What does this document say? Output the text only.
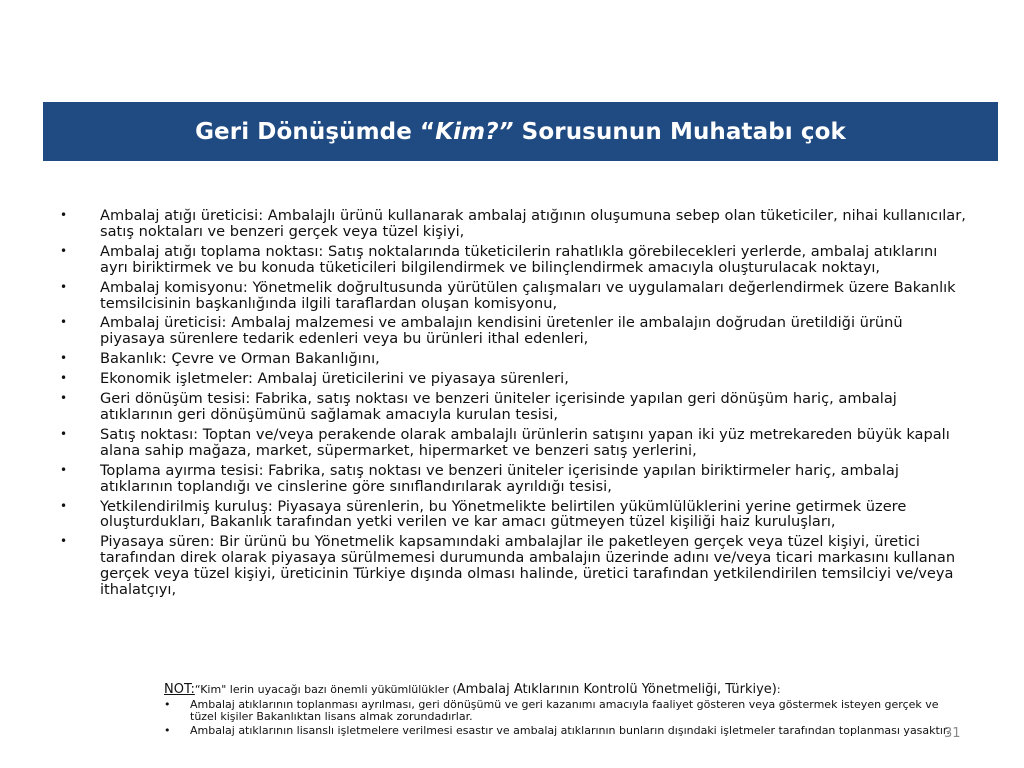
Geri Dönüşümde “Kim?” Sorusunun Muhatabı çok
• Ambalaj atığı üreticisi: Ambalajlı ürünü kullanarak ambalaj atığının oluşumuna sebep olan tüketiciler, nihai kullanıcılar, satış noktaları ve benzeri gerçek veya tüzel kişiyi,
• Ambalaj atığı toplama noktası: Satış noktalarında tüketicilerin rahatlıkla görebilecekleri yerlerde, ambalaj atıklarını ayrı biriktirmek ve bu konuda tüketicileri bilgilendirmek ve bilinçlendirmek amacıyla oluşturulacak noktayı,
• Ambalaj komisyonu: Yönetmelik doğrultusunda yürütülen çalışmaları ve uygulamaları değerlendirmek üzere Bakanlık temsilcisinin başkanlığında ilgili taraflardan oluşan komisyonu,
• Ambalaj üreticisi: Ambalaj malzemesi ve ambalajın kendisini üretenler ile ambalajın doğrudan üretildiği ürünü piyasaya sürenlere tedarik edenleri veya bu ürünleri ithal edenleri,
• Bakanlık: Çevre ve Orman Bakanlığını,
• Ekonomik işletmeler: Ambalaj üreticilerini ve piyasaya sürenleri,
• Geri dönüşüm tesisi: Fabrika, satış noktası ve benzeri üniteler içerisinde yapılan geri dönüşüm hariç, ambalaj atıklarının geri dönüşümünü sağlamak amacıyla kurulan tesisi,
• Satış noktası: Toptan ve/veya perakende olarak ambalajlı ürünlerin satışını yapan iki yüz metrekareden büyük kapalı alana sahip mağaza, market, süpermarket, hipermarket ve benzeri satış yerlerini,
• Toplama ayırma tesisi: Fabrika, satış noktası ve benzeri üniteler içerisinde yapılan biriktirmeler hariç, ambalaj atıklarının toplandığı ve cinslerine göre sınıflandırılarak ayrıldığı tesisi,
• Yetkilendirilmiş kuruluş: Piyasaya sürenlerin, bu Yönetmelikte belirtilen yükümlülüklerini yerine getirmek üzere oluşturdukları, Bakanlık tarafından yetki verilen ve kar amacı gütmeyen tüzel kişiliği haiz kuruluşları,
• Piyasaya süren: Bir ürünü bu Yönetmelik kapsamındaki ambalajlar ile paketleyen gerçek veya tüzel kişiyi, üretici tarafından direk olarak piyasaya sürülmemesi durumunda ambalajın üzerinde adını ve/veya ticari markasını kullanan gerçek veya tüzel kişiyi, üreticinin Türkiye dışında olması halinde, üretici tarafından yetkilendirilen temsilciyi ve/veya ithalatçıyı,
NOT:“Kim" lerin uyacağı bazı önemli yükümlülükler (Ambalaj Atıklarının Kontrolü Yönetmeliği, Türkiye):
• Ambalaj atıklarının toplanması ayrılması, geri dönüşümü ve geri kazanımı amacıyla faaliyet gösteren veya göstermek isteyen gerçek ve tüzel kişiler Bakanlıktan lisans almak zorundadırlar.
• Ambalaj atıklarının lisanslı işletmelere verilmesi esastır ve ambalaj atıklarının bunların dışındaki işletmeler tarafından toplanması yasaktır.
31
